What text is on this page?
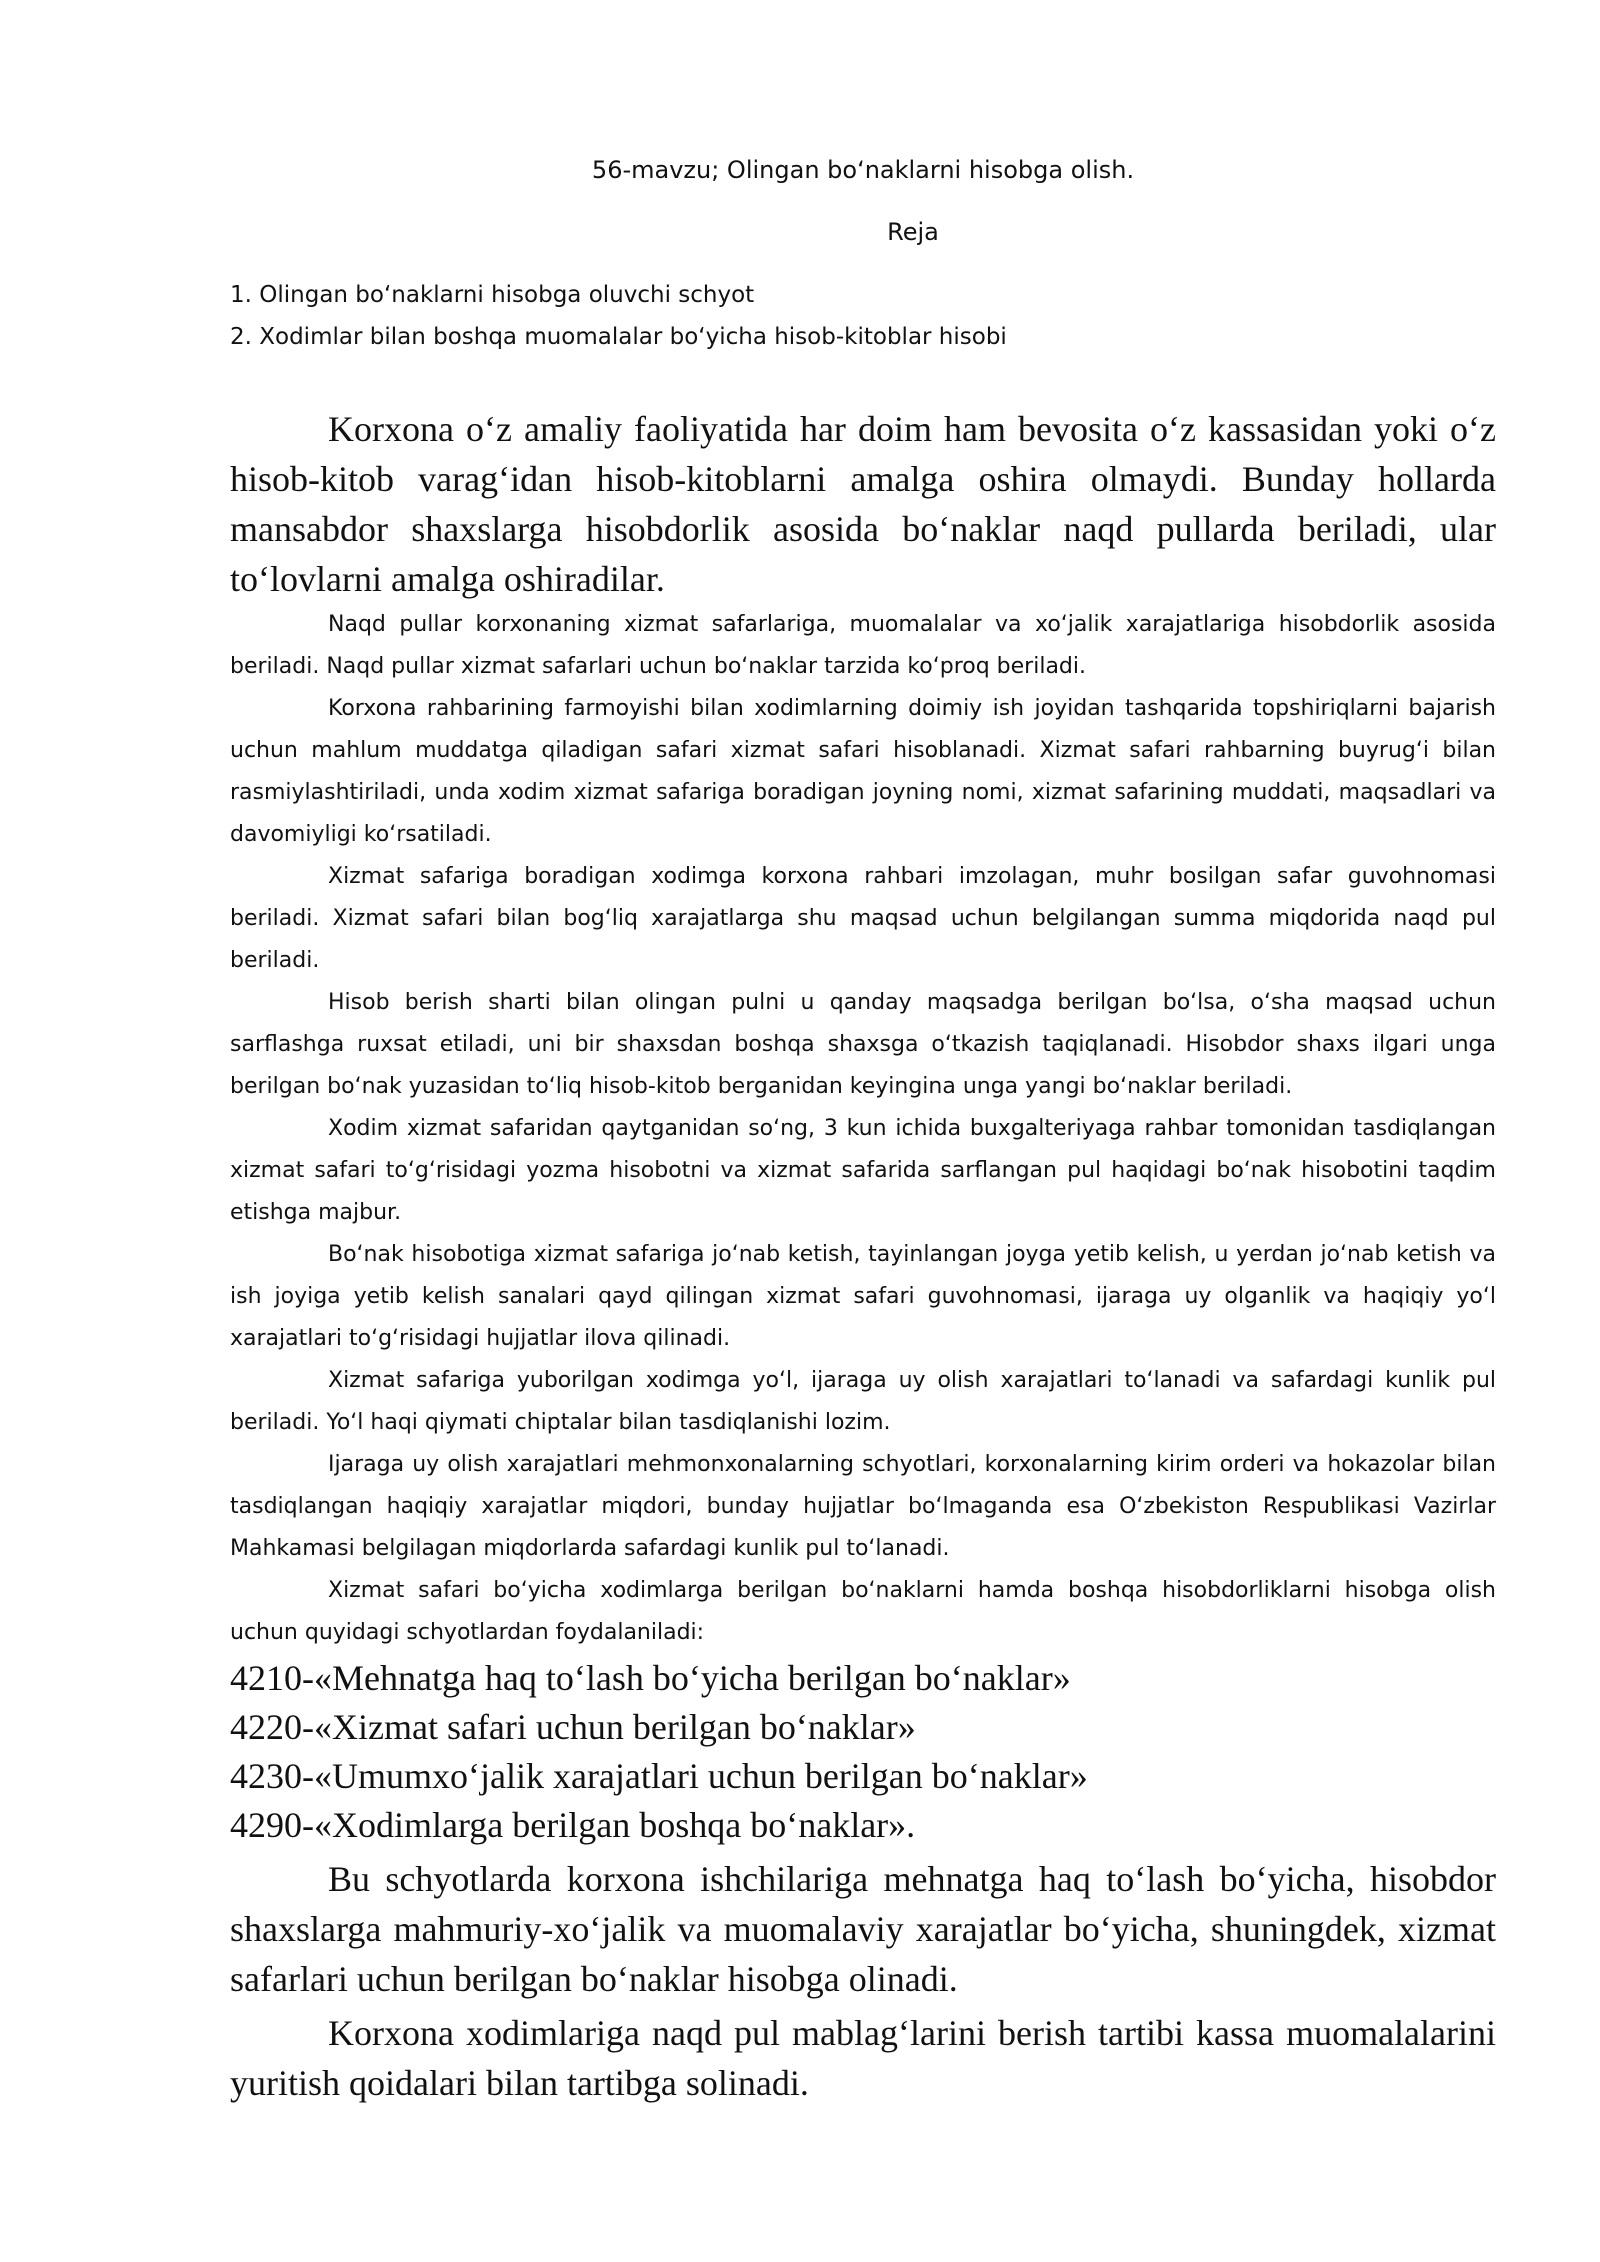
56-mavzu; Olingan bo‘naklarni hisobga olish.
Reja
1. Olingan bo‘naklarni hisobga oluvchi schyot
2. Xodimlar bilan boshqa muomalalar bo‘yicha hisob-kitoblar hisobi

Korxona o‘z amaliy faoliyatida har doim ham bevosita o‘z kassasidan yoki o‘z hisob-kitob varag‘idan hisob-kitoblarni amalga oshira olmaydi. Bunday hollarda mansabdor shaxslarga hisobdorlik asosida bo‘naklar naqd pullarda beriladi, ular to‘lovlarni amalga oshiradilar.

Naqd pullar korxonaning xizmat safarlariga, muomalalar va xo‘jalik xarajatlariga hisobdorlik asosida beriladi. Naqd pullar xizmat safarlari uchun bo‘naklar tarzida ko‘proq beriladi.

Korxona rahbarining farmoyishi bilan xodimlarning doimiy ish joyidan tashqarida topshiriqlarni bajarish uchun mahlum muddatga qiladigan safari xizmat safari hisoblanadi. Xizmat safari rahbarning buyrug‘i bilan rasmiylashtiriladi, unda xodim xizmat safariga boradigan joyning nomi, xizmat safarining muddati, maqsadlari va davomiyligi ko‘rsatiladi.

Xizmat safariga boradigan xodimga korxona rahbari imzolagan, muhr bosilgan safar guvohnomasi beriladi. Xizmat safari bilan bog‘liq xarajatlarga shu maqsad uchun belgilangan summa miqdorida naqd pul beriladi.

Hisob berish sharti bilan olingan pulni u qanday maqsadga berilgan bo‘lsa, o‘sha maqsad uchun sarflashga ruxsat etiladi, uni bir shaxsdan boshqa shaxsga o‘tkazish taqiqlanadi. Hisobdor shaxs ilgari unga berilgan bo‘nak yuzasidan to‘liq hisob-kitob berganidan keyingina unga yangi bo‘naklar beriladi.

Xodim xizmat safaridan qaytganidan so‘ng, 3 kun ichida buxgalteriyaga rahbar tomonidan tasdiqlangan xizmat safari to‘g‘risidagi yozma hisobotni va xizmat safarida sarflangan pul haqidagi bo‘nak hisobotini taqdim etishga majbur.

Bo‘nak hisobotiga xizmat safariga jo‘nab ketish, tayinlangan joyga yetib kelish, u yerdan jo‘nab ketish va ish joyiga yetib kelish sanalari qayd qilingan xizmat safari guvohnomasi, ijaraga uy olganlik va haqiqiy yo‘l xarajatlari to‘g‘risidagi hujjatlar ilova qilinadi.

Xizmat safariga yuborilgan xodimga yo‘l, ijaraga uy olish xarajatlari to‘lanadi va safardagi kunlik pul beriladi. Yo‘l haqi qiymati chiptalar bilan tasdiqlanishi lozim.

Ijaraga uy olish xarajatlari mehmonxonalarning schyotlari, korxonalarning kirim orderi va hokazolar bilan tasdiqlangan haqiqiy xarajatlar miqdori, bunday hujjatlar bo‘lmaganda esa O‘zbekiston Respublikasi Vazirlar Mahkamasi belgilagan miqdorlarda safardagi kunlik pul to‘lanadi.

Xizmat safari bo‘yicha xodimlarga berilgan bo‘naklarni hamda boshqa hisobdorliklarni hisobga olish uchun quyidagi schyotlardan foydalaniladi:

4210-«Mehnatga haq to‘lash bo‘yicha berilgan bo‘naklar»

4220-«Xizmat safari uchun berilgan bo‘naklar»

4230-«Umumxo‘jalik xarajatlari uchun berilgan bo‘naklar»

4290-«Xodimlarga berilgan boshqa bo‘naklar».

Bu schyotlarda korxona ishchilariga mehnatga haq to‘lash bo‘yicha, hisobdor shaxslarga mahmuriy-xo‘jalik va muomalaviy xarajatlar bo‘yicha, shuningdek, xizmat safarlari uchun berilgan bo‘naklar hisobga olinadi.

Korxona xodimlariga naqd pul mablag‘larini berish tartibi kassa muomalalarini yuritish qoidalari bilan tartibga solinadi.
